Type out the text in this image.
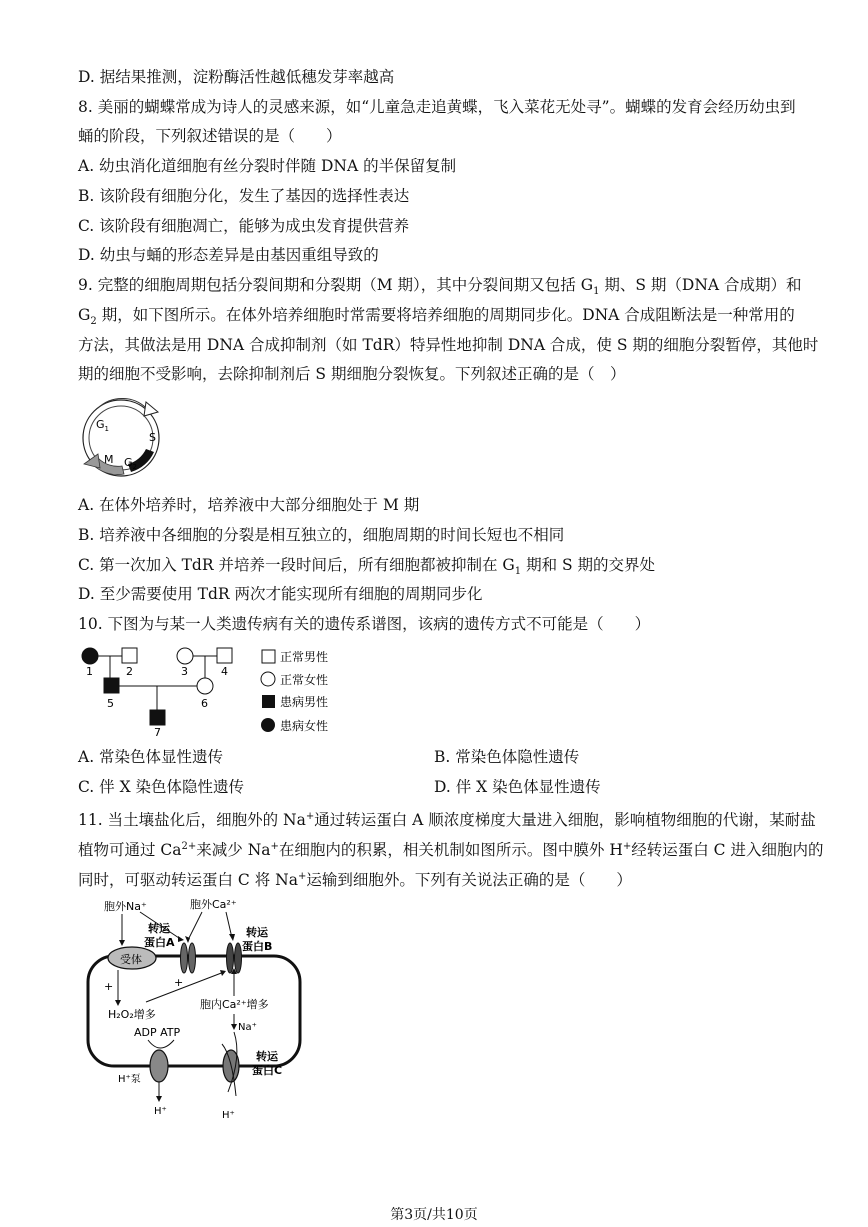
D. 据结果推测，淀粉酶活性越低穗发芽率越高
8. 美丽的蝴蝶常成为诗人的灵感来源，如“儿童急走追黄蝶，飞入菜花无处寻”。蝴蝶的发育会经历幼虫到
蛹的阶段，下列叙述错误的是（　　）
A. 幼虫消化道细胞有丝分裂时伴随 DNA 的半保留复制
B. 该阶段有细胞分化，发生了基因的选择性表达
C. 该阶段有细胞凋亡，能够为成虫发育提供营养
D. 幼虫与蛹的形态差异是由基因重组导致的
9. 完整的细胞周期包括分裂间期和分裂期（M 期），其中分裂间期又包括 $G_1$ 期、S 期（DNA 合成期）和
$G_2$ 期，如下图所示。在体外培养细胞时常需要将培养细胞的周期同步化。DNA 合成阻断法是一种常用的
方法，其做法是用 DNA 合成抑制剂（如 TdR）特异性地抑制 DNA 合成，使 S 期的细胞分裂暂停，其他时
期的细胞不受影响，去除抑制剂后 S 期细胞分裂恢复。下列叙述正确的是（　）
$G_1$
S
M $G_2$
A. 在体外培养时，培养液中大部分细胞处于 M 期
B. 培养液中各细胞的分裂是相互独立的，细胞周期的时间长短也不相同
C. 第一次加入 TdR 并培养一段时间后，所有细胞都被抑制在 $G_1$ 期和 S 期的交界处
D. 至少需要使用 TdR 两次才能实现所有细胞的周期同步化
10. 下图为与某一人类遗传病有关的遗传系谱图，该病的遗传方式不可能是（　　）
1	2	3	4
5	6
7
正常男性
正常女性
患病男性
患病女性
A. 常染色体显性遗传	B. 常染色体隐性遗传
C. 伴 X 染色体隐性遗传	D. 伴 X 染色体显性遗传
11. 当土壤盐化后，细胞外的 Na+通过转运蛋白 A 顺浓度梯度大量进入细胞，影响植物细胞的代谢，某耐盐
植物可通过 $Ca^{2+}$来减少 Na+在细胞内的积累，相关机制如图所示。图中膜外 H+经转运蛋白 C 进入细胞内的
同时，可驱动转运蛋白 C 将 Na+运输到细胞外。下列有关说法正确的是（　　）
受体
胞外Na⁺	胞外Ca²⁺
转运
蛋白A
转运
蛋白B
+	+
H₂O₂增多
胞内Ca²⁺增多
Na⁺
ADP ATP
转运
蛋白C
H⁺泵
H⁺	H⁺
第3页/共10页
